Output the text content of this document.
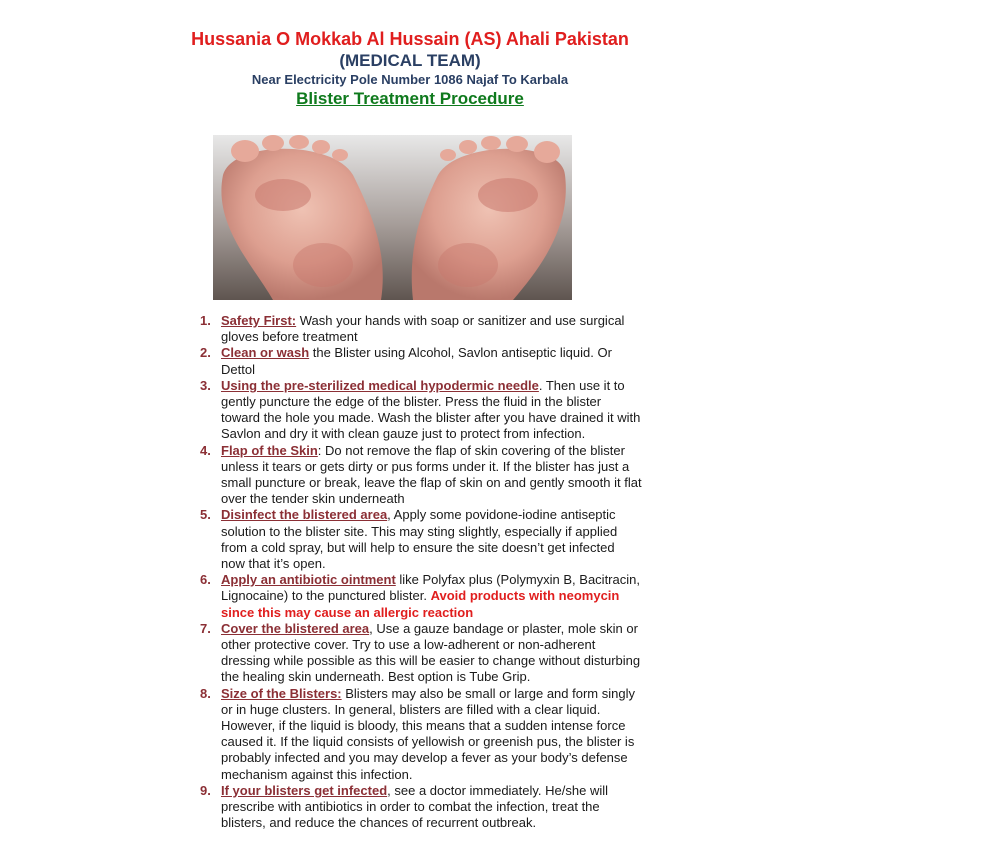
Hussania O Mokkab Al Hussain (AS) Ahali Pakistan
(MEDICAL TEAM)
Near Electricity Pole Number 1086 Najaf To Karbala
Blister Treatment Procedure
1. Safety First: Wash your hands with soap or sanitizer and use surgical gloves before treatment
2. Clean or wash the Blister using Alcohol, Savlon antiseptic liquid. Or Dettol
3. Using the pre-sterilized medical hypodermic needle. Then use it to gently puncture the edge of the blister. Press the fluid in the blister toward the hole you made. Wash the blister after you have drained it with Savlon and dry it with clean gauze just to protect from infection.
4. Flap of the Skin: Do not remove the flap of skin covering of the blister unless it tears or gets dirty or pus forms under it. If the blister has just a small puncture or break, leave the flap of skin on and gently smooth it flat over the tender skin underneath
5. Disinfect the blistered area, Apply some povidone-iodine antiseptic solution to the blister site. This may sting slightly, especially if applied from a cold spray, but will help to ensure the site doesn’t get infected now that it’s open.
6. Apply an antibiotic ointment like Polyfax plus (Polymyxin B, Bacitracin, Lignocaine) to the punctured blister. Avoid products with neomycin since this may cause an allergic reaction
7. Cover the blistered area, Use a gauze bandage or plaster, mole skin or other protective cover. Try to use a low-adherent or non-adherent dressing while possible as this will be easier to change without disturbing the healing skin underneath. Best option is Tube Grip.
8. Size of the Blisters: Blisters may also be small or large and form singly or in huge clusters. In general, blisters are filled with a clear liquid. However, if the liquid is bloody, this means that a sudden intense force caused it. If the liquid consists of yellowish or greenish pus, the blister is probably infected and you may develop a fever as your body’s defense mechanism against this infection.
9. If your blisters get infected, see a doctor immediately. He/she will prescribe with antibiotics in order to combat the infection, treat the blisters, and reduce the chances of recurrent outbreak.
